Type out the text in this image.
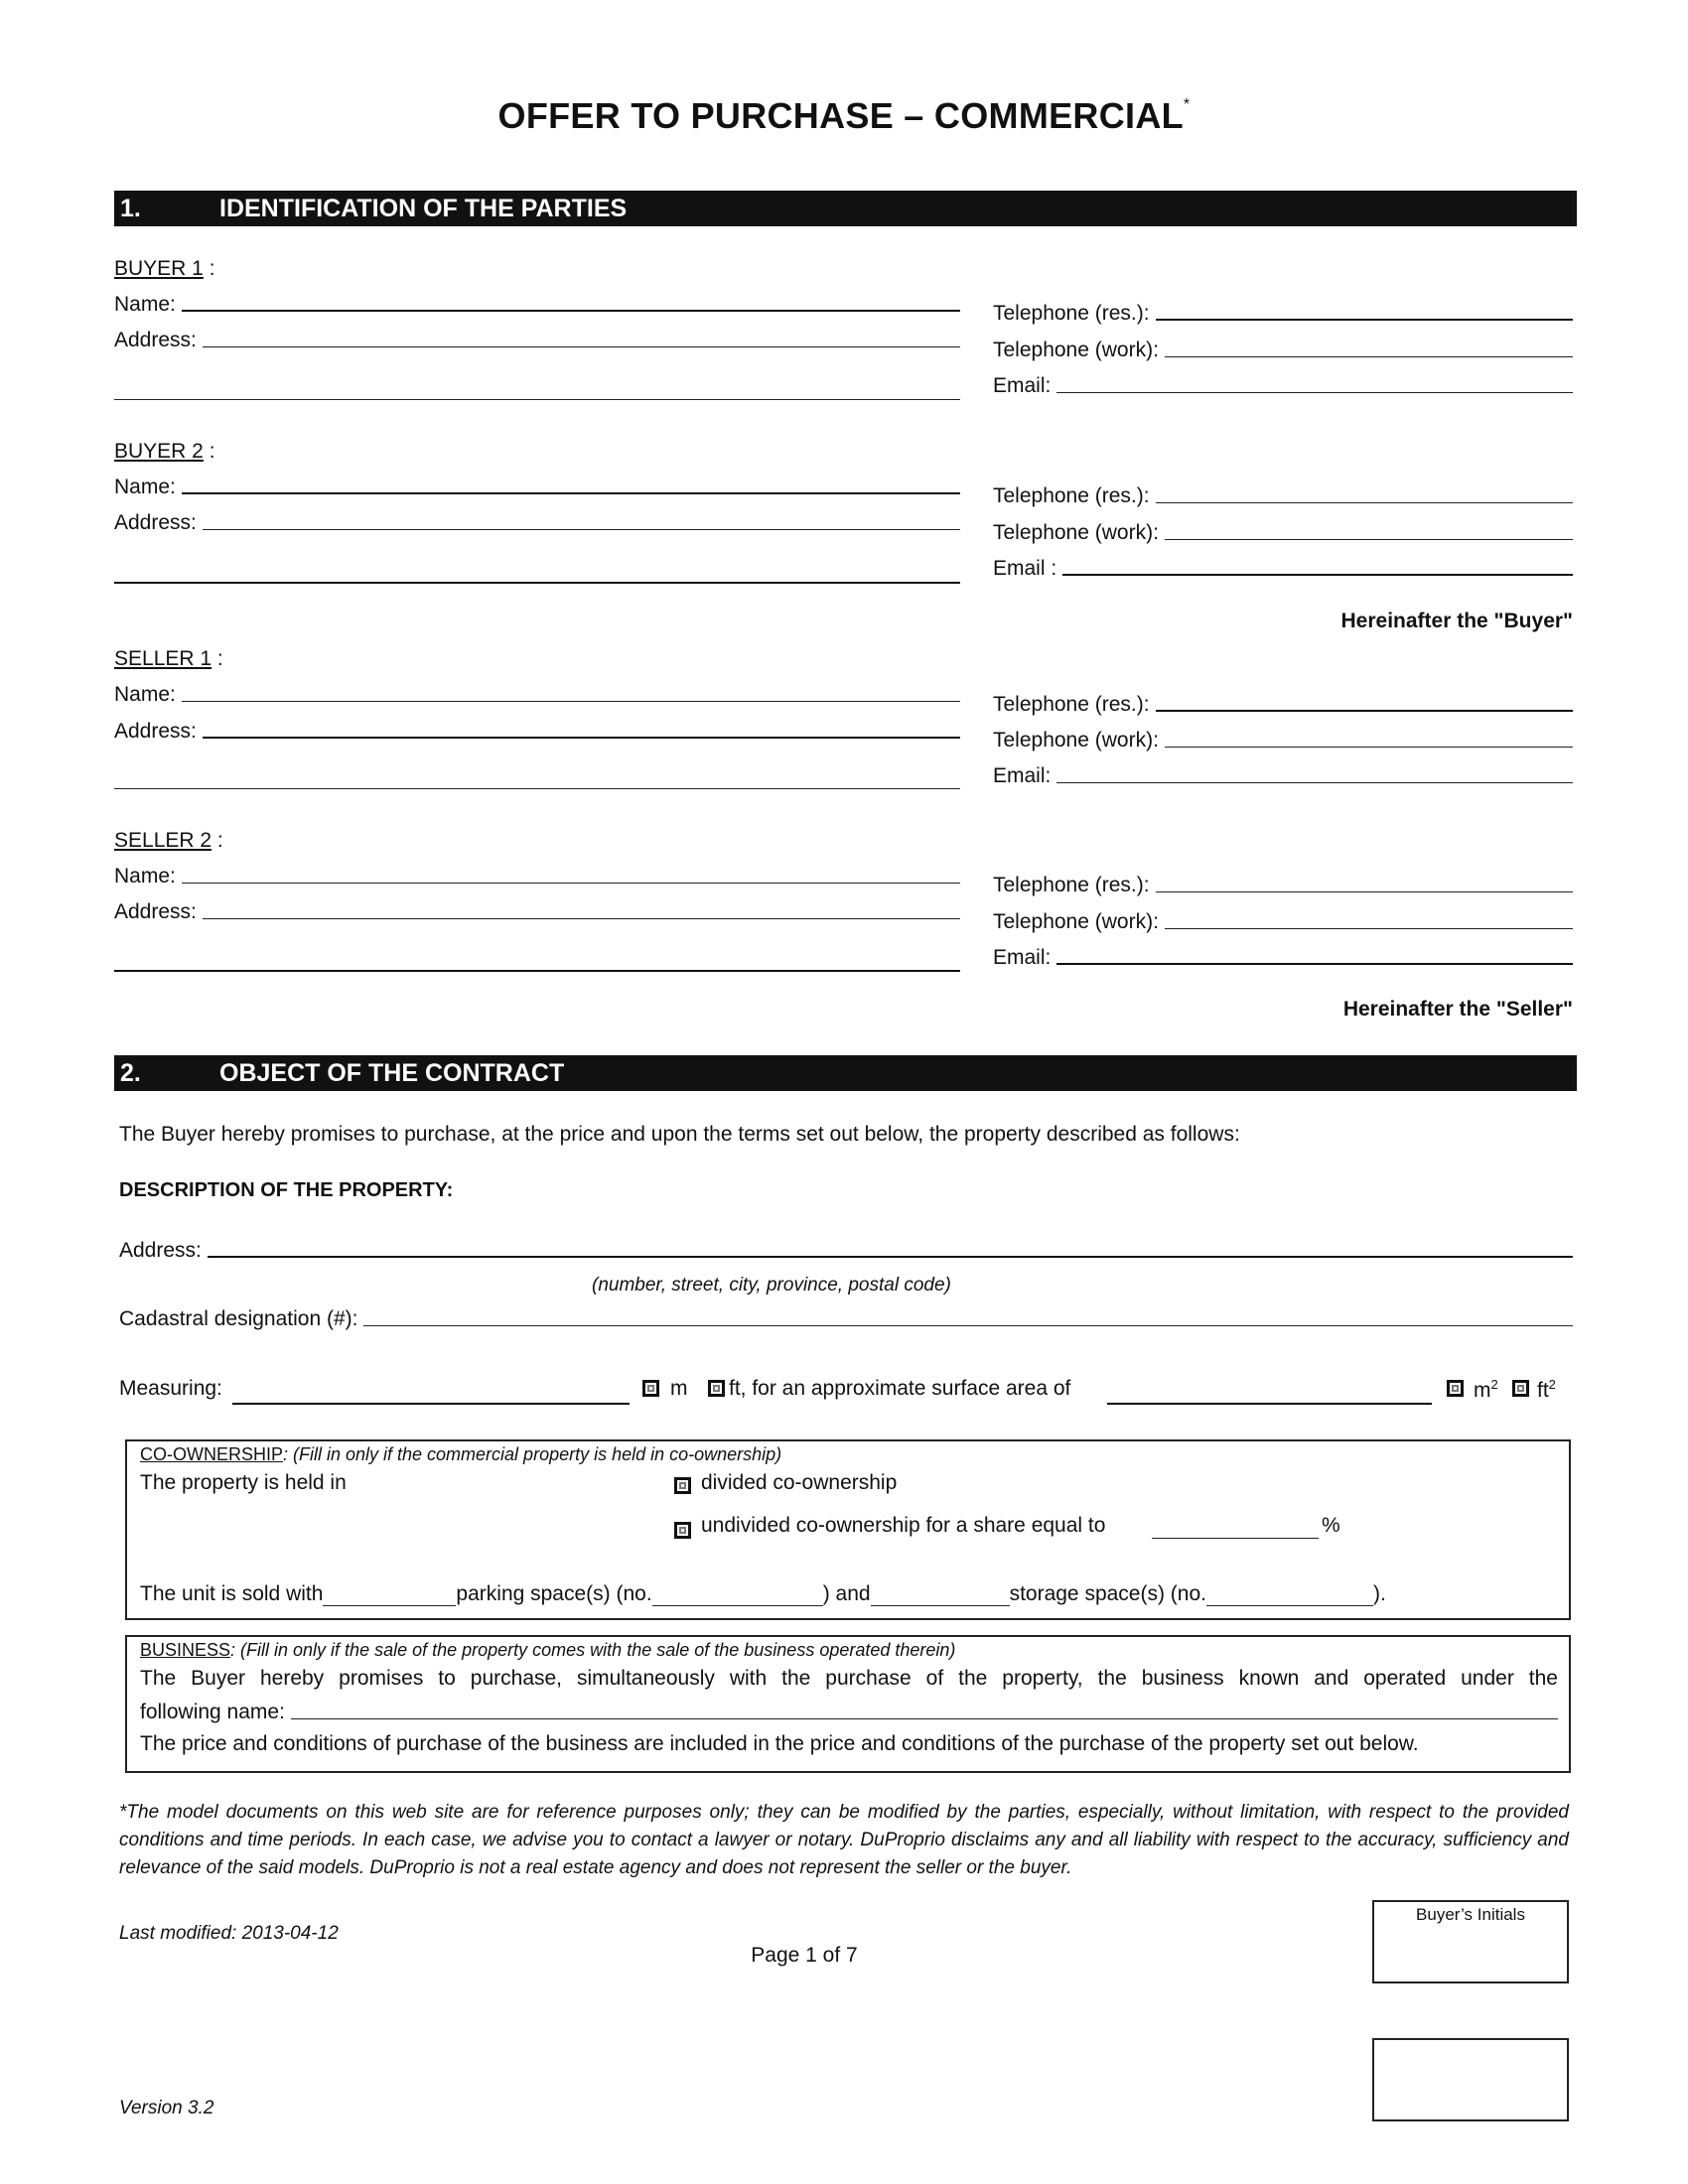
OFFER TO PURCHASE – COMMERCIAL*
1.	IDENTIFICATION OF THE PARTIES
BUYER 1 :
Name:
Address:
Telephone (res.):
Telephone (work):
Email:
BUYER 2 :
Name:
Address:
Telephone (res.):
Telephone (work):
Email :
Hereinafter the "Buyer"
SELLER 1 :
Name:
Address:
Telephone (res.):
Telephone (work):
Email:
SELLER 2 :
Name:
Address:
Telephone (res.):
Telephone (work):
Email:
Hereinafter the "Seller"
2.	OBJECT OF THE CONTRACT
The Buyer hereby promises to purchase, at the price and upon the terms set out below, the property described as follows:
DESCRIPTION OF THE PROPERTY:
Address:
(number, street, city, province, postal code)
Cadastral designation (#):
Measuring:	m ft, for an approximate surface area of	$m^2$ $ft^2$
CO‑OWNERSHIP: (Fill in only if the commercial property is held in co‑ownership)
The property is held in	divided co‑ownership
undivided co‑ownership for a share equal to	%
The unit is sold with	parking space(s) (no.	) and	storage space(s) (no.	).
BUSINESS: (Fill in only if the sale of the property comes with the sale of the business operated therein)
The Buyer hereby promises to purchase, simultaneously with the purchase of the property, the business known and operated under the
following name:
The price and conditions of purchase of the business are included in the price and conditions of the purchase of the property set out below.
*The model documents on this web site are for reference purposes only; they can be modified by the parties, especially, without limitation, with respect to the provided conditions and time periods. In each case, we advise you to contact a lawyer or notary. DuProprio disclaims any and all liability with respect to the accuracy, sufficiency and relevance of the said models. DuProprio is not a real estate agency and does not represent the seller or the buyer.
Last modified: 2013‑04‑12
Page 1 of 7
Buyer’s Initials
Version 3.2
